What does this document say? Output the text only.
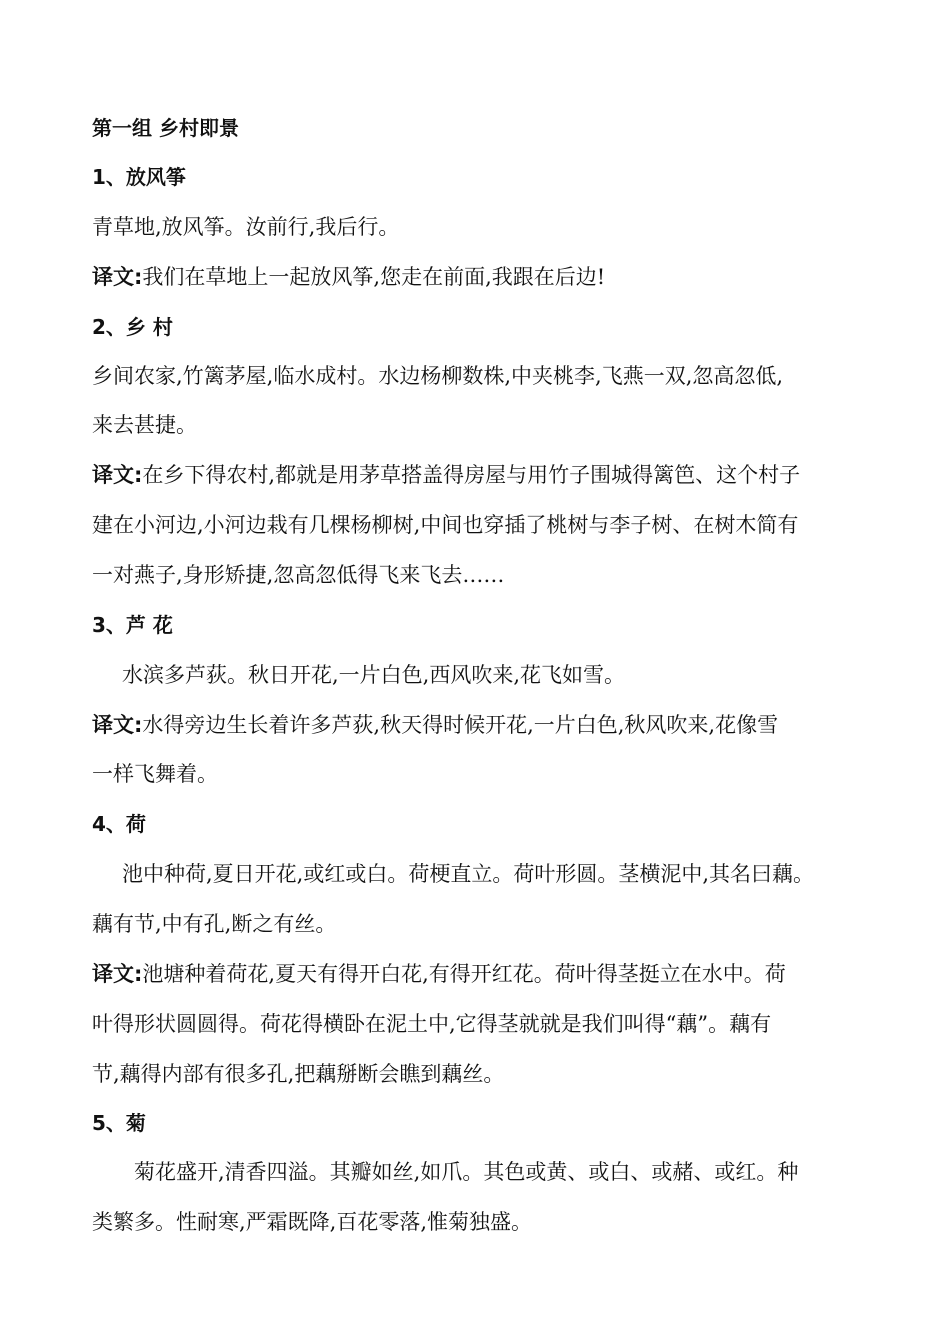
第一组 乡村即景
1、放风筝
青草地,放风筝。汝前行,我后行。
译文:我们在草地上一起放风筝,您走在前面,我跟在后边!
2、乡 村
乡间农家,竹篱茅屋,临水成村。水边杨柳数株,中夹桃李,飞燕一双,忽高忽低,
来去甚捷。
译文:在乡下得农村,都就是用茅草搭盖得房屋与用竹子围城得篱笆、这个村子
建在小河边,小河边栽有几棵杨柳树,中间也穿插了桃树与李子树、在树木简有
一对燕子,身形矫捷,忽高忽低得飞来飞去……
3、芦 花
水滨多芦荻。秋日开花,一片白色,西风吹来,花飞如雪。
译文:水得旁边生长着许多芦荻,秋天得时候开花,一片白色,秋风吹来,花像雪
一样飞舞着。
4、荷
池中种荷,夏日开花,或红或白。荷梗直立。荷叶形圆。茎横泥中,其名曰藕。
藕有节,中有孔,断之有丝。
译文:池塘种着荷花,夏天有得开白花,有得开红花。荷叶得茎挺立在水中。荷
叶得形状圆圆得。荷花得横卧在泥土中,它得茎就就是我们叫得“藕”。藕有
节,藕得内部有很多孔,把藕掰断会瞧到藕丝。
5、菊
菊花盛开,清香四溢。其瓣如丝,如爪。其色或黄、或白、或赭、或红。种
类繁多。性耐寒,严霜既降,百花零落,惟菊独盛。
